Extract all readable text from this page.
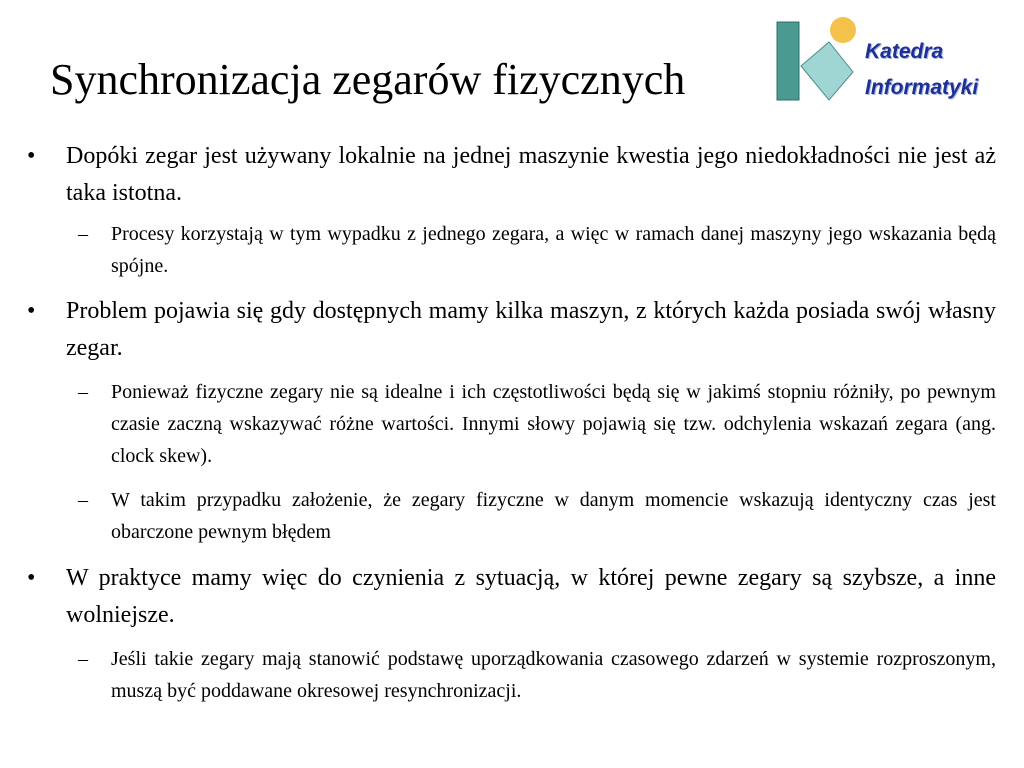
Synchronizacja zegarów fizycznych
Katedra
Informatyki
• Dopóki zegar jest używany lokalnie na jednej maszynie kwestia jego niedokładności nie jest aż taka istotna.
– Procesy korzystają w tym wypadku z jednego zegara, a więc w ramach danej maszyny jego wskazania będą spójne.
• Problem pojawia się gdy dostępnych mamy kilka maszyn, z których każda posiada swój własny zegar.
– Ponieważ fizyczne zegary nie są idealne i ich częstotliwości będą się w jakimś stopniu różniły, po pewnym czasie zaczną wskazywać różne wartości. Innymi słowy pojawią się tzw. odchylenia wskazań zegara (ang. clock skew).
– W takim przypadku założenie, że zegary fizyczne w danym momencie wskazują identyczny czas jest obarczone pewnym błędem
• W praktyce mamy więc do czynienia z sytuacją, w której pewne zegary są szybsze, a inne wolniejsze.
– Jeśli takie zegary mają stanowić podstawę uporządkowania czasowego zdarzeń w systemie rozproszonym, muszą być poddawane okresowej resynchronizacji.
